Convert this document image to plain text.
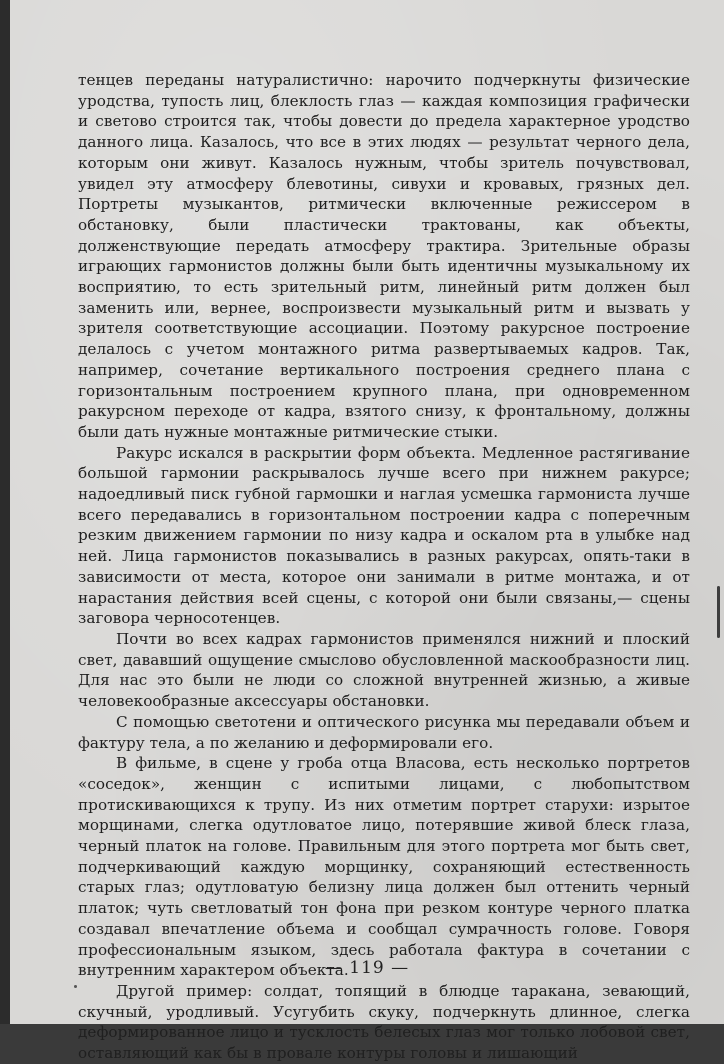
тенцев переданы натуралистично: нарочито подчеркнуты физические уродства, тупость лиц, блеклость глаз — каждая композиция графически и светово строится так, чтобы довести до предела характерное уродство данного лица. Казалось, что все в этих людях — результат черного дела, которым они живут. Казалось нужным, чтобы зритель почувствовал, увидел эту атмосферу блевотины, сивухи и кровавых, грязных дел. Портреты музыкантов, ритмически включенные режиссером в обстановку, были пластически трактованы, как объекты, долженствующие передать атмосферу трактира. Зрительные образы играющих гармонистов должны были быть идентичны музыкальному их восприятию, то есть зрительный ритм, линейный ритм должен был заменить или, вернее, воспроизвести музыкальный ритм и вызвать у зрителя соответствующие ассоциации. Поэтому ракурсное построение делалось с учетом монтажного ритма развертываемых кадров. Так, например, сочетание вертикального построения среднего плана с горизонтальным построением крупного плана, при одновременном ракурсном переходе от кадра, взятого снизу, к фронтальному, должны были дать нужные монтажные ритмические стыки.

Ракурс искался в раскрытии форм объекта. Медленное растягивание большой гармонии раскрывалось лучше всего при нижнем ракурсе; надоедливый писк губной гармошки и наглая усмешка гармониста лучше всего передавались в горизонтальном построении кадра с поперечным резким движением гармонии по низу кадра и оскалом рта в улыбке над ней. Лица гармонистов показывались в разных ракурсах, опять-таки в зависимости от места, которое они занимали в ритме монтажа, и от нарастания действия всей сцены, с которой они были связаны,— сцены заговора черносотенцев.

Почти во всех кадрах гармонистов применялся нижний и плоский свет, дававший ощущение смыслово обусловленной маскообразности лиц. Для нас это были не люди со сложной внутренней жизнью, а живые человекообразные аксессуары обстановки.

С помощью светотени и оптического рисунка мы передавали объем и фактуру тела, а по желанию и деформировали его.

В фильме, в сцене у гроба отца Власова, есть несколько портретов «соседок», женщин с испитыми лицами, с любопытством протискивающихся к трупу. Из них отметим портрет старухи: изрытое морщинами, слегка одутловатое лицо, потерявшие живой блеск глаза, черный платок на голове. Правильным для этого портрета мог быть свет, подчеркивающий каждую морщинку, сохраняющий естественность старых глаз; одутловатую белизну лица должен был оттенить черный платок; чуть светловатый тон фона при резком контуре черного платка создавал впечатление объема и сообщал сумрачность голове. Говоря профессиональным языком, здесь работала фактура в сочетании с внутренним характером объекта.

Другой пример: солдат, топящий в блюдце таракана, зевающий, скучный, уродливый. Усугубить скуку, подчеркнуть длинное, слегка деформированное лицо и тусклость белесых глаз мог только лобовой свет, оставляющий как бы в провале контуры головы и лишающий

— 119 —
